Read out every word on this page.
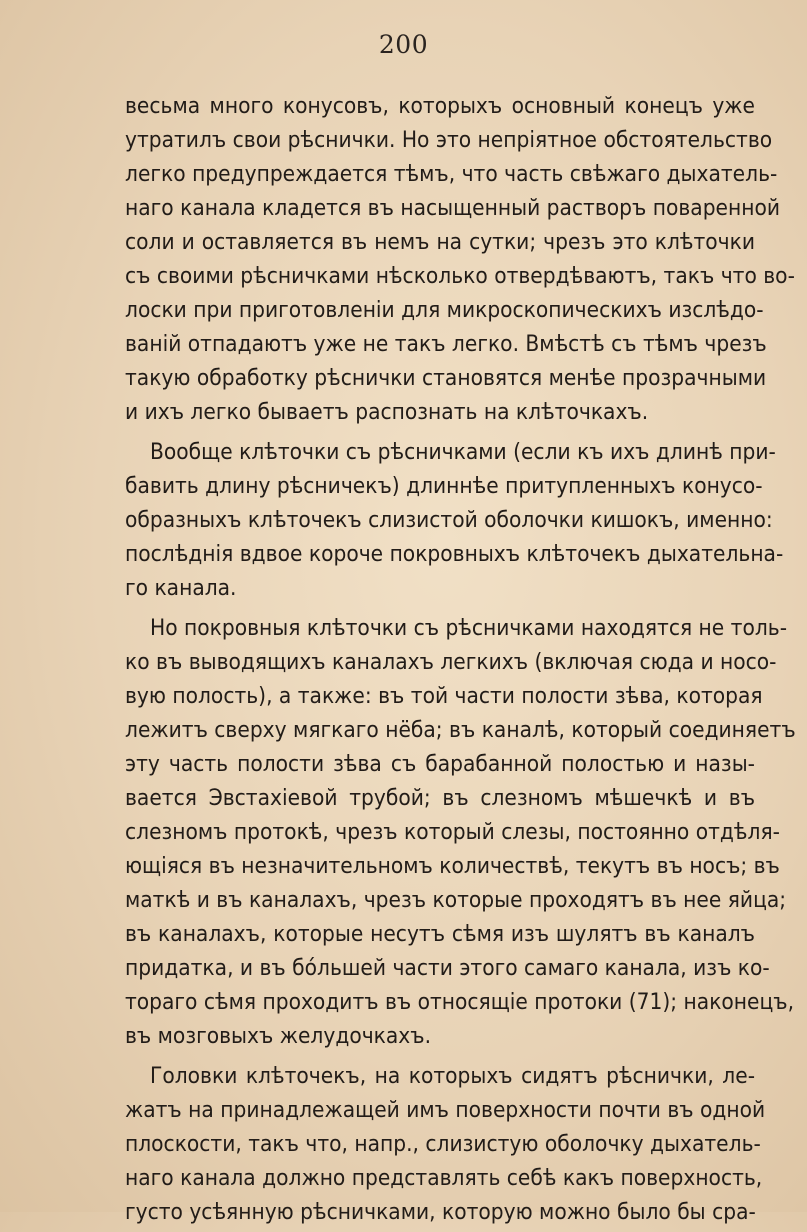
200
весьма много конусовъ, которыхъ основный конецъ уже
утратилъ свои рѣснички. Но это непріятное обстоятельство
легко предупреждается тѣмъ, что часть свѣжаго дыхатель-
наго канала кладется въ насыщенный растворъ поваренной
соли и оставляется въ немъ на сутки; чрезъ это клѣточки
съ своими рѣсничками нѣсколько отвердѣваютъ, такъ что во-
лоски при приготовленіи для микроскопическихъ изслѣдо-
ваній отпадаютъ уже не такъ легко. Вмѣстѣ съ тѣмъ чрезъ
такую обработку рѣснички становятся менѣе прозрачными
и ихъ легко бываетъ распознать на клѣточкахъ.
Вообще клѣточки съ рѣсничками (если къ ихъ длинѣ при-
бавить длину рѣсничекъ) длиннѣе притупленныхъ конусо-
образныхъ клѣточекъ слизистой оболочки кишокъ, именно:
послѣднія вдвое короче покровныхъ клѣточекъ дыхательна-
го канала.
Но покровныя клѣточки съ рѣсничками находятся не толь-
ко въ выводящихъ каналахъ легкихъ (включая сюда и носо-
вую полость), а также: въ той части полости зѣва, которая
лежитъ сверху мягкаго нёба; въ каналѣ, который соединяетъ
эту часть полости зѣва съ барабанной полостью и назы-
вается Эвстахіевой трубой; въ слезномъ мѣшечкѣ и въ
слезномъ протокѣ, чрезъ который слезы, постоянно отдѣля-
ющіяся въ незначительномъ количествѣ, текутъ въ носъ; въ
маткѣ и въ каналахъ, чрезъ которые проходятъ въ нее яйца;
въ каналахъ, которые несутъ сѣмя изъ шулятъ въ каналъ
придатка, и въ бóльшей части этого самаго канала, изъ ко-
тораго сѣмя проходитъ въ относящіе протоки (71); наконецъ,
въ мозговыхъ желудочкахъ.
Головки клѣточекъ, на которыхъ сидятъ рѣснички, ле-
жатъ на принадлежащей имъ поверхности почти въ одной
плоскости, такъ что, напр., слизистую оболочку дыхатель-
наго канала должно представлять себѣ какъ поверхность,
густо усѣянную рѣсничками, которую можно было бы сра-
